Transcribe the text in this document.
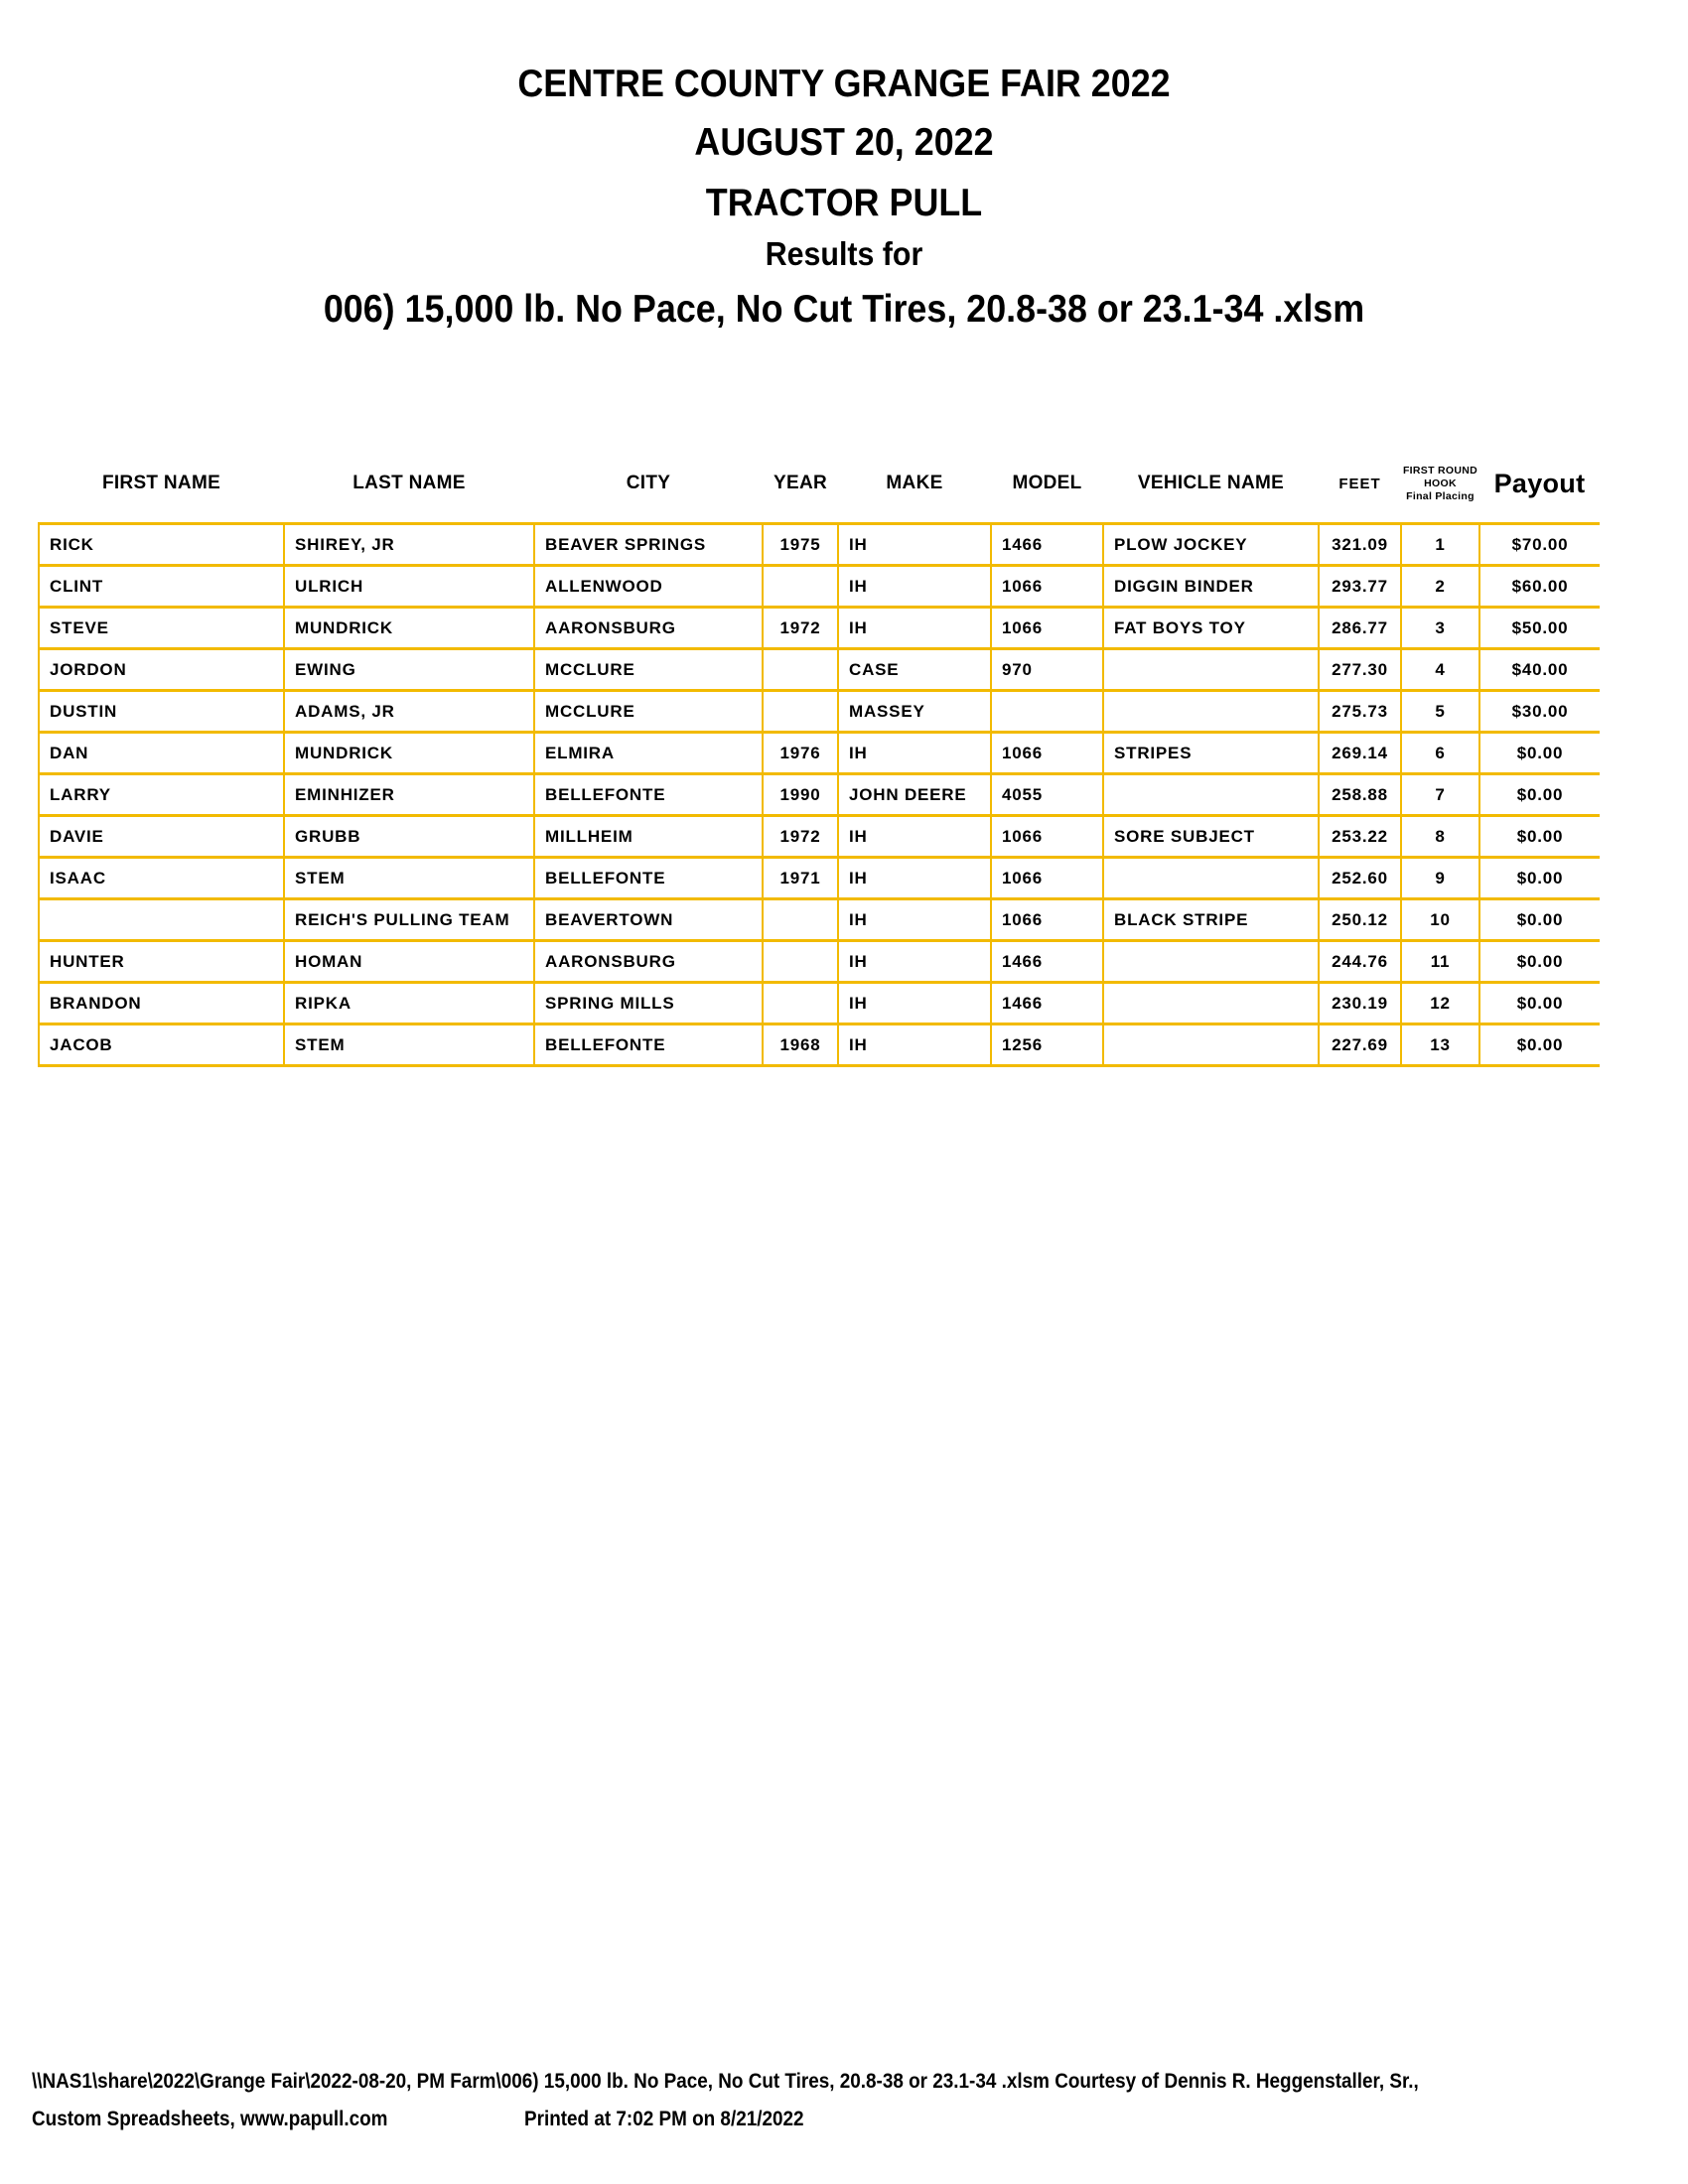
CENTRE COUNTY GRANGE FAIR 2022
AUGUST 20, 2022
TRACTOR PULL
Results for
006) 15,000 lb. No Pace, No Cut Tires, 20.8-38 or 23.1-34 .xlsm
FIRST NAME	LAST NAME	CITY	YEAR	MAKE	MODEL	VEHICLE NAME	FEET	FIRST ROUND
HOOK
Final Placing	Payout
RICK	SHIREY, JR	BEAVER SPRINGS	1975	IH	1466	PLOW JOCKEY	321.09	1	$70.00
CLINT	ULRICH	ALLENWOOD		IH	1066	DIGGIN BINDER	293.77	2	$60.00
STEVE	MUNDRICK	AARONSBURG	1972	IH	1066	FAT BOYS TOY	286.77	3	$50.00
JORDON	EWING	MCCLURE		CASE	970		277.30	4	$40.00
DUSTIN	ADAMS, JR	MCCLURE		MASSEY			275.73	5	$30.00
DAN	MUNDRICK	ELMIRA	1976	IH	1066	STRIPES	269.14	6	$0.00
LARRY	EMINHIZER	BELLEFONTE	1990	JOHN DEERE	4055		258.88	7	$0.00
DAVIE	GRUBB	MILLHEIM	1972	IH	1066	SORE SUBJECT	253.22	8	$0.00
ISAAC	STEM	BELLEFONTE	1971	IH	1066		252.60	9	$0.00
	REICH'S PULLING TEAM	BEAVERTOWN		IH	1066	BLACK STRIPE	250.12	10	$0.00
HUNTER	HOMAN	AARONSBURG		IH	1466		244.76	11	$0.00
BRANDON	RIPKA	SPRING MILLS		IH	1466		230.19	12	$0.00
JACOB	STEM	BELLEFONTE	1968	IH	1256		227.69	13	$0.00
\\NAS1\share\2022\Grange Fair\2022-08-20, PM Farm\006) 15,000 lb. No Pace, No Cut Tires, 20.8-38 or 23.1-34 .xlsm Courtesy of Dennis R. Heggenstaller, Sr.,
Custom Spreadsheets, www.papull.com	Printed at 7:02 PM on 8/21/2022
